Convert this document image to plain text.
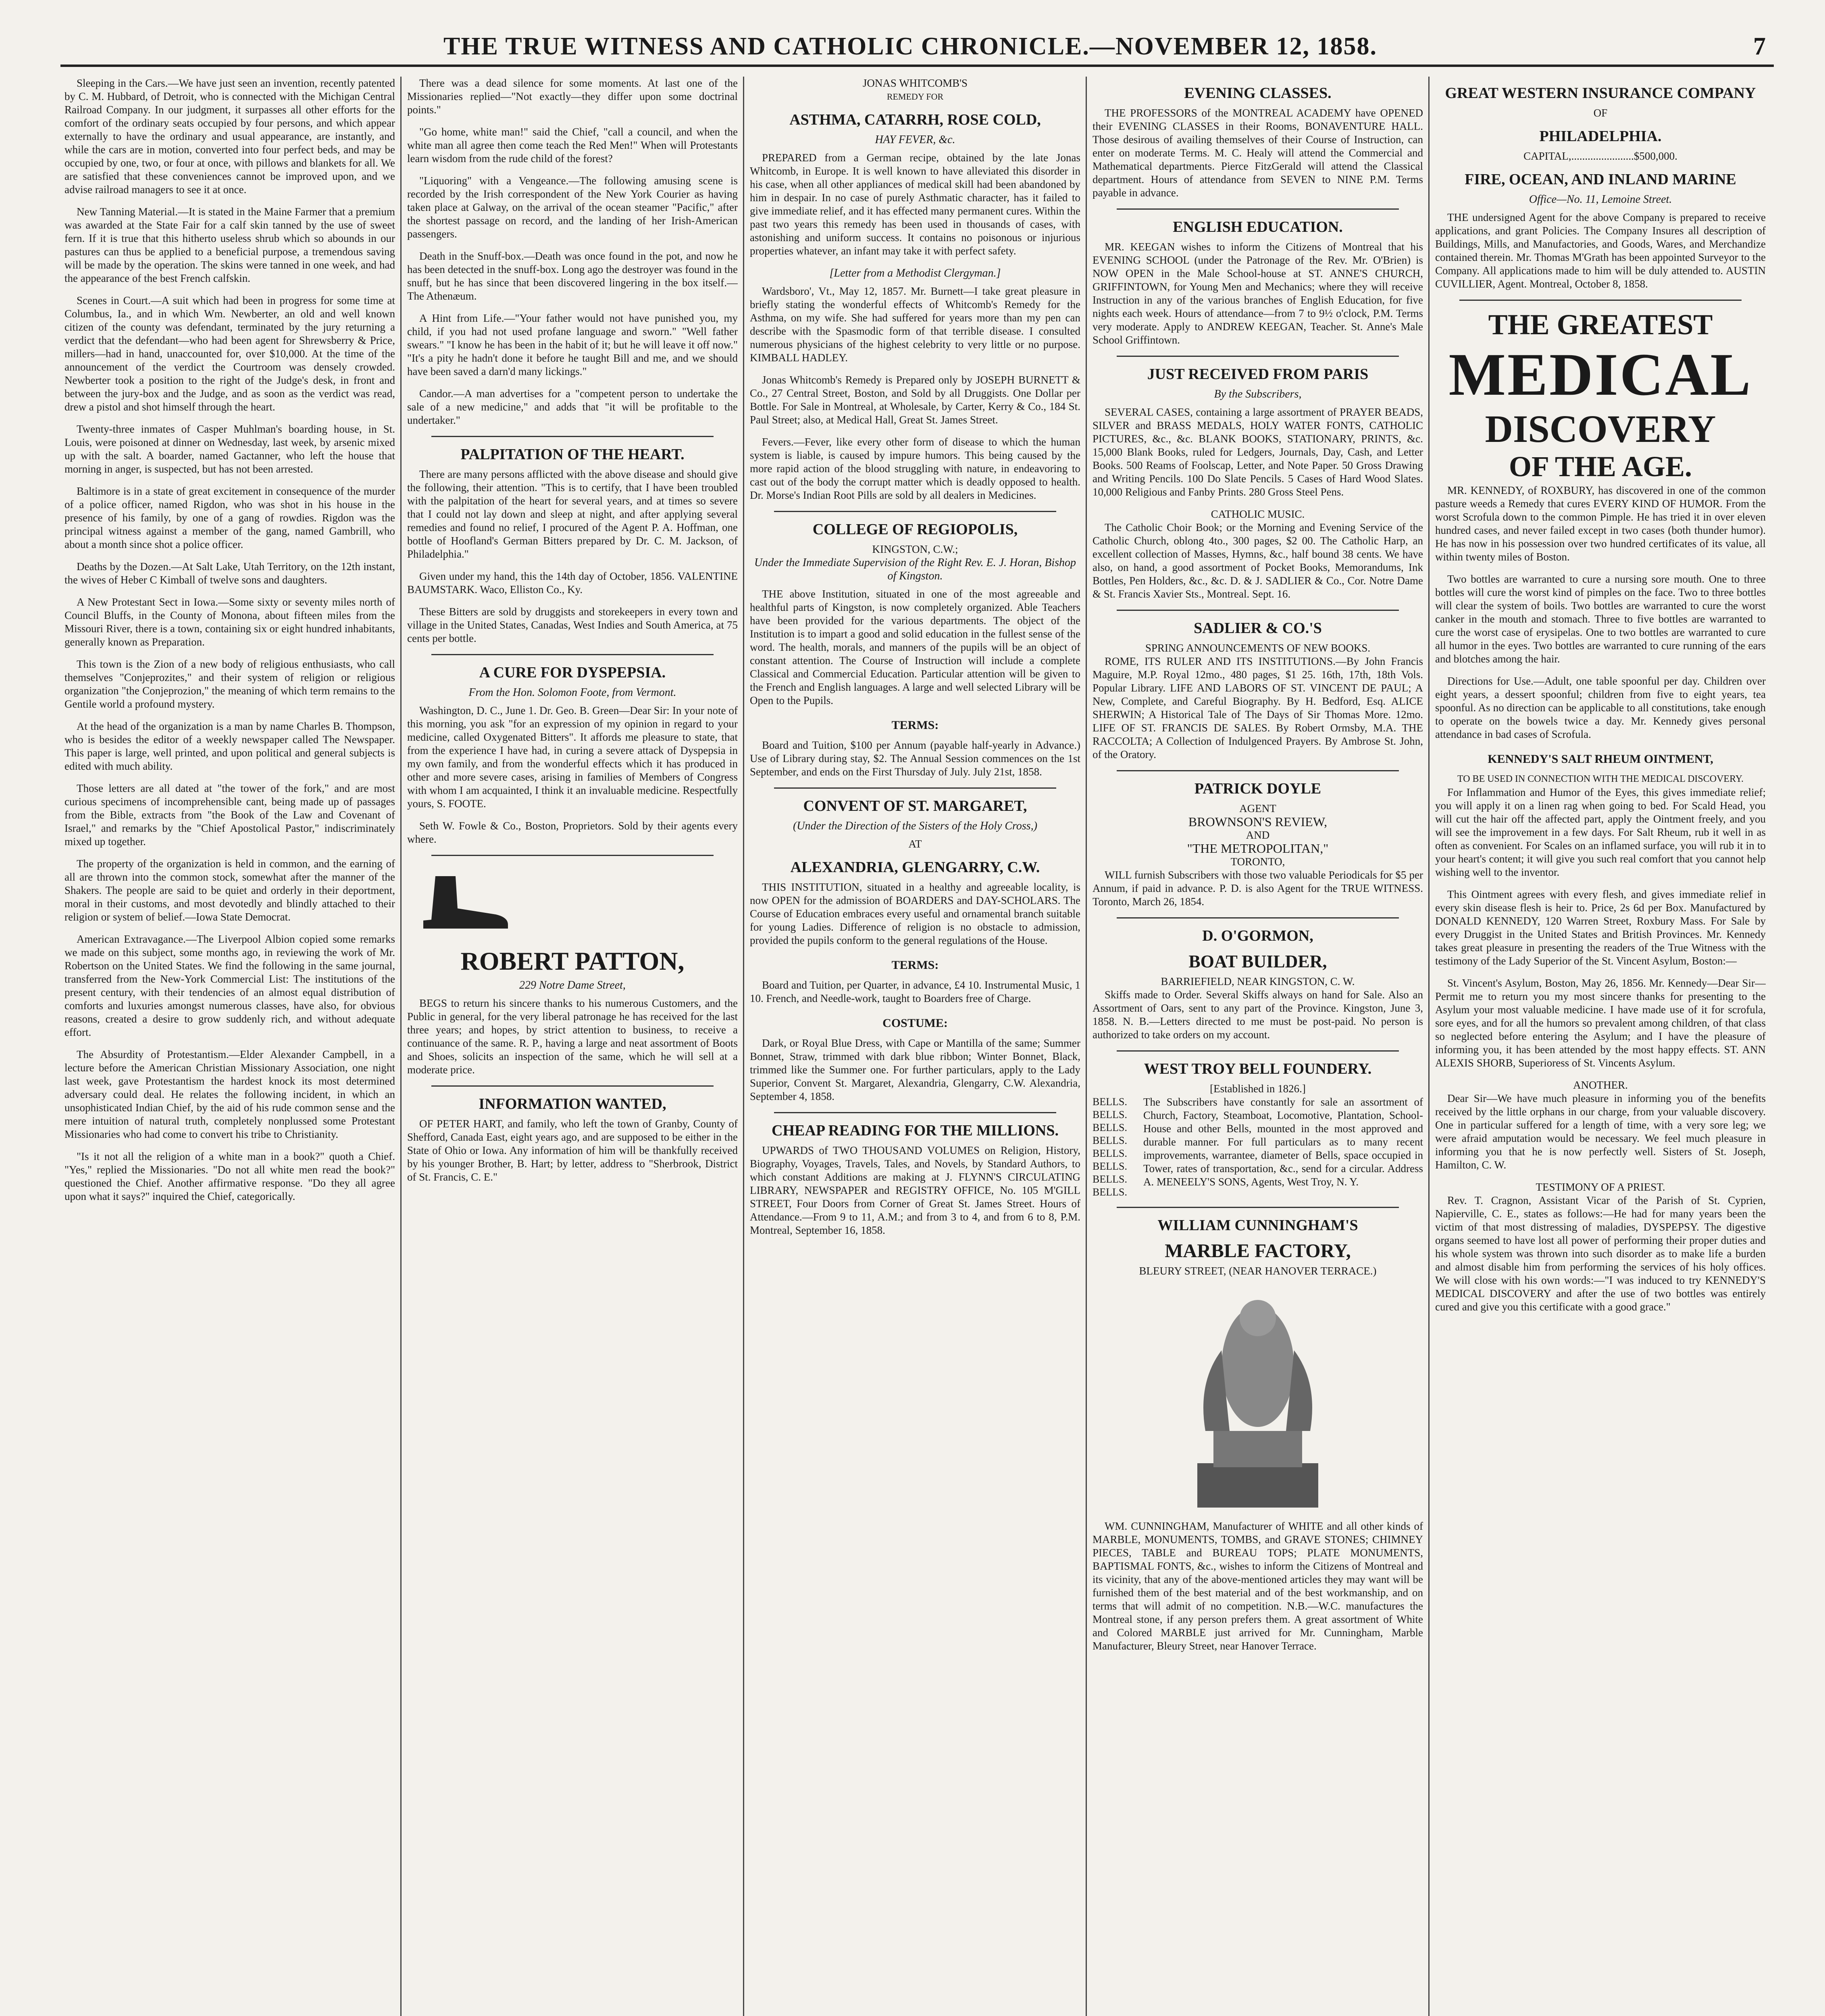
THE TRUE WITNESS AND CATHOLIC CHRONICLE.—NOVEMBER 12, 1858.	7

Sleeping in the Cars.—We have just seen an invention, recently patented by C. M. Hubbard, of Detroit, who is connected with the Michigan Central Railroad Company. In our judgment, it surpasses all other efforts for the comfort of the ordinary seats occupied by four persons, and which appear externally to have the ordinary and usual appearance, are instantly, and while the cars are in motion, converted into four perfect beds, and may be occupied by one, two, or four at once, with pillows and blankets for all. We are satisfied that these conveniences cannot be improved upon, and we advise railroad managers to see it at once.

New Tanning Material.—It is stated in the Maine Farmer that a premium was awarded at the State Fair for a calf skin tanned by the use of sweet fern. If it is true that this hitherto useless shrub which so abounds in our pastures can thus be applied to a beneficial purpose, a tremendous saving will be made by the operation. The skins were tanned in one week, and had the appearance of the best French calfskin.

Scenes in Court.—A suit which had been in progress for some time at Columbus, Ia., and in which Wm. Newberter, an old and well known citizen of the county was defendant, terminated by the jury returning a verdict that the defendant—who had been agent for Shrewsberry & Price, millers—had in hand, unaccounted for, over $10,000. At the time of the announcement of the verdict the Courtroom was densely crowded. Newberter took a position to the right of the Judge's desk, in front and between the jury-box and the Judge, and as soon as the verdict was read, drew a pistol and shot himself through the heart.

Twenty-three inmates of Casper Muhlman's boarding house, in St. Louis, were poisoned at dinner on Wednesday, last week, by arsenic mixed up with the salt. A boarder, named Gactanner, who left the house that morning in anger, is suspected, but has not been arrested.

Baltimore is in a state of great excitement in consequence of the murder of a police officer, named Rigdon, who was shot in his house in the presence of his family, by one of a gang of rowdies. Rigdon was the principal witness against a member of the gang, named Gambrill, who about a month since shot a police officer.

Deaths by the Dozen.—At Salt Lake, Utah Territory, on the 12th instant, the wives of Heber C Kimball of twelve sons and daughters.

A New Protestant Sect in Iowa.—Some sixty or seventy miles north of Council Bluffs, in the County of Monona, about fifteen miles from the Missouri River, there is a town, containing six or eight hundred inhabitants, generally known as Preparation.

This town is the Zion of a new body of religious enthusiasts, who call themselves "Conjeprozites," and their system of religion or religious organization "the Conjeprozion," the meaning of which term remains to the Gentile world a profound mystery.

At the head of the organization is a man by name Charles B. Thompson, who is besides the editor of a weekly newspaper called The Newspaper. This paper is large, well printed, and upon political and general subjects is edited with much ability.

Those letters are all dated at "the tower of the fork," and are most curious specimens of incomprehensible cant, being made up of passages from the Bible, extracts from "the Book of the Law and Covenant of Israel," and remarks by the "Chief Apostolical Pastor," indiscriminately mixed up together.

The property of the organization is held in common, and the earning of all are thrown into the common stock, somewhat after the manner of the Shakers. The people are said to be quiet and orderly in their deportment, moral in their customs, and most devotedly and blindly attached to their religion or system of belief.—Iowa State Democrat.

American Extravagance.—The Liverpool Albion copied some remarks we made on this subject, some months ago, in reviewing the work of Mr. Robertson on the United States. We find the following in the same journal, transferred from the New-York Commercial List: The institutions of the present century, with their tendencies of an almost equal distribution of comforts and luxuries amongst numerous classes, have also, for obvious reasons, created a desire to grow suddenly rich, and without adequate effort.

The Absurdity of Protestantism.—Elder Alexander Campbell, in a lecture before the American Christian Missionary Association, one night last week, gave Protestantism the hardest knock its most determined adversary could deal. He relates the following incident, in which an unsophisticated Indian Chief, by the aid of his rude common sense and the mere intuition of natural truth, completely nonplussed some Protestant Missionaries who had come to convert his tribe to Christianity.

"Is it not all the religion of a white man in a book?" quoth a Chief. "Yes," replied the Missionaries. "Do not all white men read the book?" questioned the Chief. Another affirmative response. "Do they all agree upon what it says?" inquired the Chief, categorically.

There was a dead silence for some moments. At last one of the Missionaries replied—"Not exactly—they differ upon some doctrinal points."

"Go home, white man!" said the Chief, "call a council, and when the white man all agree then come teach the Red Men!" When will Protestants learn wisdom from the rude child of the forest?

"Liquoring" with a Vengeance.—The following amusing scene is recorded by the Irish correspondent of the New York Courier as having taken place at Galway, on the arrival of the ocean steamer "Pacific," after the shortest passage on record, and the landing of her Irish-American passengers.

Death in the Snuff-box.—Death was once found in the pot, and now he has been detected in the snuff-box. Long ago the destroyer was found in the snuff, but he has since that been discovered lingering in the box itself.—The Athenæum.

A Hint from Life.—"Your father would not have punished you, my child, if you had not used profane language and sworn." "Well father swears." "I know he has been in the habit of it; but he will leave it off now." "It's a pity he hadn't done it before he taught Bill and me, and we should have been saved a darn'd many lickings."

Candor.—A man advertises for a "competent person to undertake the sale of a new medicine," and adds that "it will be profitable to the undertaker."

PALPITATION OF THE HEART.

There are many persons afflicted with the above disease and should give the following, their attention. "This is to certify, that I have been troubled with the palpitation of the heart for several years, and at times so severe that I could not lay down and sleep at night, and after applying several remedies and found no relief, I procured of the Agent P. A. Hoffman, one bottle of Hoofland's German Bitters prepared by Dr. C. M. Jackson, of Philadelphia."

Given under my hand, this the 14th day of October, 1856. VALENTINE BAUMSTARK. Waco, Elliston Co., Ky.

These Bitters are sold by druggists and storekeepers in every town and village in the United States, Canadas, West Indies and South America, at 75 cents per bottle.

A CURE FOR DYSPEPSIA.
From the Hon. Solomon Foote, from Vermont.

Washington, D. C., June 1. Dr. Geo. B. Green—Dear Sir: In your note of this morning, you ask "for an expression of my opinion in regard to your medicine, called Oxygenated Bitters". It affords me pleasure to state, that from the experience I have had, in curing a severe attack of Dyspepsia in my own family, and from the wonderful effects which it has produced in other and more severe cases, arising in families of Members of Congress with whom I am acquainted, I think it an invaluable medicine. Respectfully yours, S. FOOTE.

Seth W. Fowle & Co., Boston, Proprietors. Sold by their agents every where.

ROBERT PATTON,
229 Notre Dame Street,

BEGS to return his sincere thanks to his numerous Customers, and the Public in general, for the very liberal patronage he has received for the last three years; and hopes, by strict attention to business, to receive a continuance of the same. R. P., having a large and neat assortment of Boots and Shoes, solicits an inspection of the same, which he will sell at a moderate price.

INFORMATION WANTED,

OF PETER HART, and family, who left the town of Granby, County of Shefford, Canada East, eight years ago, and are supposed to be either in the State of Ohio or Iowa. Any information of him will be thankfully received by his younger Brother, B. Hart; by letter, address to "Sherbrook, District of St. Francis, C. E."

JONAS WHITCOMB'S
REMEDY FOR
ASTHMA, CATARRH, ROSE COLD,
HAY FEVER, &c.

PREPARED from a German recipe, obtained by the late Jonas Whitcomb, in Europe. It is well known to have alleviated this disorder in his case, when all other appliances of medical skill had been abandoned by him in despair. In no case of purely Asthmatic character, has it failed to give immediate relief, and it has effected many permanent cures. Within the past two years this remedy has been used in thousands of cases, with astonishing and uniform success. It contains no poisonous or injurious properties whatever, an infant may take it with perfect safety.

[Letter from a Methodist Clergyman.]

Wardsboro', Vt., May 12, 1857. Mr. Burnett—I take great pleasure in briefly stating the wonderful effects of Whitcomb's Remedy for the Asthma, on my wife. She had suffered for years more than my pen can describe with the Spasmodic form of that terrible disease. I consulted numerous physicians of the highest celebrity to very little or no purpose. KIMBALL HADLEY.

Jonas Whitcomb's Remedy is Prepared only by JOSEPH BURNETT & Co., 27 Central Street, Boston, and Sold by all Druggists. One Dollar per Bottle. For Sale in Montreal, at Wholesale, by Carter, Kerry & Co., 184 St. Paul Street; also, at Medical Hall, Great St. James Street.

Fevers.—Fever, like every other form of disease to which the human system is liable, is caused by impure humors. This being caused by the more rapid action of the blood struggling with nature, in endeavoring to cast out of the body the corrupt matter which is deadly opposed to health. Dr. Morse's Indian Root Pills are sold by all dealers in Medicines.

COLLEGE OF REGIOPOLIS,
KINGSTON, C.W.;
Under the Immediate Supervision of the Right Rev. E. J. Horan, Bishop of Kingston.

THE above Institution, situated in one of the most agreeable and healthful parts of Kingston, is now completely organized. Able Teachers have been provided for the various departments. The object of the Institution is to impart a good and solid education in the fullest sense of the word. The health, morals, and manners of the pupils will be an object of constant attention. The Course of Instruction will include a complete Classical and Commercial Education. Particular attention will be given to the French and English languages. A large and well selected Library will be Open to the Pupils.

TERMS:

Board and Tuition, $100 per Annum (payable half-yearly in Advance.) Use of Library during stay, $2. The Annual Session commences on the 1st September, and ends on the First Thursday of July. July 21st, 1858.

CONVENT OF ST. MARGARET,
(Under the Direction of the Sisters of the Holy Cross,)
AT
ALEXANDRIA, GLENGARRY, C.W.

THIS INSTITUTION, situated in a healthy and agreeable locality, is now OPEN for the admission of BOARDERS and DAY-SCHOLARS. The Course of Education embraces every useful and ornamental branch suitable for young Ladies. Difference of religion is no obstacle to admission, provided the pupils conform to the general regulations of the House.

TERMS:

Board and Tuition, per Quarter, in advance, £4 10. Instrumental Music, 1 10. French, and Needle-work, taught to Boarders free of Charge.

COSTUME:

Dark, or Royal Blue Dress, with Cape or Mantilla of the same; Summer Bonnet, Straw, trimmed with dark blue ribbon; Winter Bonnet, Black, trimmed like the Summer one. For further particulars, apply to the Lady Superior, Convent St. Margaret, Alexandria, Glengarry, C.W. Alexandria, September 4, 1858.

CHEAP READING FOR THE MILLIONS.

UPWARDS of TWO THOUSAND VOLUMES on Religion, History, Biography, Voyages, Travels, Tales, and Novels, by Standard Authors, to which constant Additions are making at J. FLYNN'S CIRCULATING LIBRARY, NEWSPAPER and REGISTRY OFFICE, No. 105 M'GILL STREET, Four Doors from Corner of Great St. James Street. Hours of Attendance.—From 9 to 11, A.M.; and from 3 to 4, and from 6 to 8, P.M. Montreal, September 16, 1858.

EVENING CLASSES.

THE PROFESSORS of the MONTREAL ACADEMY have OPENED their EVENING CLASSES in their Rooms, BONAVENTURE HALL. Those desirous of availing themselves of their Course of Instruction, can enter on moderate Terms. M. C. Healy will attend the Commercial and Mathematical departments. Pierce FitzGerald will attend the Classical department. Hours of attendance from SEVEN to NINE P.M. Terms payable in advance.

ENGLISH EDUCATION.

MR. KEEGAN wishes to inform the Citizens of Montreal that his EVENING SCHOOL (under the Patronage of the Rev. Mr. O'Brien) is NOW OPEN in the Male School-house at ST. ANNE'S CHURCH, GRIFFINTOWN, for Young Men and Mechanics; where they will receive Instruction in any of the various branches of English Education, for five nights each week. Hours of attendance—from 7 to 9½ o'clock, P.M. Terms very moderate. Apply to ANDREW KEEGAN, Teacher. St. Anne's Male School Griffintown.

JUST RECEIVED FROM PARIS
By the Subscribers,

SEVERAL CASES, containing a large assortment of PRAYER BEADS, SILVER and BRASS MEDALS, HOLY WATER FONTS, CATHOLIC PICTURES, &c., &c. BLANK BOOKS, STATIONARY, PRINTS, &c. 15,000 Blank Books, ruled for Ledgers, Journals, Day, Cash, and Letter Books. 500 Reams of Foolscap, Letter, and Note Paper. 50 Gross Drawing and Writing Pencils. 100 Do Slate Pencils. 5 Cases of Hard Wood Slates. 10,000 Religious and Fanby Prints. 280 Gross Steel Pens.

CATHOLIC MUSIC.

The Catholic Choir Book; or the Morning and Evening Service of the Catholic Church, oblong 4to., 300 pages, $2 00. The Catholic Harp, an excellent collection of Masses, Hymns, &c., half bound 38 cents. We have also, on hand, a good assortment of Pocket Books, Memorandums, Ink Bottles, Pen Holders, &c., &c. D. & J. SADLIER & Co., Cor. Notre Dame & St. Francis Xavier Sts., Montreal. Sept. 16.

SADLIER & CO.'S
SPRING ANNOUNCEMENTS OF NEW BOOKS.

ROME, ITS RULER AND ITS INSTITUTIONS.—By John Francis Maguire, M.P. Royal 12mo., 480 pages, $1 25. 16th, 17th, 18th Vols. Popular Library. LIFE AND LABORS OF ST. VINCENT DE PAUL; A New, Complete, and Careful Biography. By H. Bedford, Esq. ALICE SHERWIN; A Historical Tale of The Days of Sir Thomas More. 12mo. LIFE OF ST. FRANCIS DE SALES. By Robert Ormsby, M.A. THE RACCOLTA; A Collection of Indulgenced Prayers. By Ambrose St. John, of the Oratory.

PATRICK DOYLE
AGENT
BROWNSON'S REVIEW,
AND
"THE METROPOLITAN,"
TORONTO,

WILL furnish Subscribers with those two valuable Periodicals for $5 per Annum, if paid in advance. P. D. is also Agent for the TRUE WITNESS. Toronto, March 26, 1854.

D. O'GORMON,
BOAT BUILDER,
BARRIEFIELD, NEAR KINGSTON, C. W.

Skiffs made to Order. Several Skiffs always on hand for Sale. Also an Assortment of Oars, sent to any part of the Province. Kingston, June 3, 1858. N. B.—Letters directed to me must be post-paid. No person is authorized to take orders on my account.

WEST TROY BELL FOUNDERY.
[Established in 1826.]
BELLS.
BELLS.
BELLS.
BELLS.
BELLS.
BELLS.
BELLS.
BELLS.

The Subscribers have constantly for sale an assortment of Church, Factory, Steamboat, Locomotive, Plantation, School-House and other Bells, mounted in the most approved and durable manner. For full particulars as to many recent improvements, warrantee, diameter of Bells, space occupied in Tower, rates of transportation, &c., send for a circular. Address A. MENEELY'S SONS, Agents, West Troy, N. Y.

WILLIAM CUNNINGHAM'S
MARBLE FACTORY,
BLEURY STREET, (NEAR HANOVER TERRACE.)

WM. CUNNINGHAM, Manufacturer of WHITE and all other kinds of MARBLE, MONUMENTS, TOMBS, and GRAVE STONES; CHIMNEY PIECES, TABLE and BUREAU TOPS; PLATE MONUMENTS, BAPTISMAL FONTS, &c., wishes to inform the Citizens of Montreal and its vicinity, that any of the above-mentioned articles they may want will be furnished them of the best material and of the best workmanship, and on terms that will admit of no competition. N.B.—W.C. manufactures the Montreal stone, if any person prefers them. A great assortment of White and Colored MARBLE just arrived for Mr. Cunningham, Marble Manufacturer, Bleury Street, near Hanover Terrace.

GREAT WESTERN INSURANCE COMPANY
OF
PHILADELPHIA.
CAPITAL,.......................$500,000.
FIRE, OCEAN, AND INLAND MARINE
Office—No. 11, Lemoine Street.

THE undersigned Agent for the above Company is prepared to receive applications, and grant Policies. The Company Insures all description of Buildings, Mills, and Manufactories, and Goods, Wares, and Merchandize contained therein. Mr. Thomas M'Grath has been appointed Surveyor to the Company. All applications made to him will be duly attended to. AUSTIN CUVILLIER, Agent. Montreal, October 8, 1858.

THE GREATEST
MEDICAL
DISCOVERY
OF THE AGE.

MR. KENNEDY, of ROXBURY, has discovered in one of the common pasture weeds a Remedy that cures EVERY KIND OF HUMOR. From the worst Scrofula down to the common Pimple. He has tried it in over eleven hundred cases, and never failed except in two cases (both thunder humor). He has now in his possession over two hundred certificates of its value, all within twenty miles of Boston.

Two bottles are warranted to cure a nursing sore mouth. One to three bottles will cure the worst kind of pimples on the face. Two to three bottles will clear the system of boils. Two bottles are warranted to cure the worst canker in the mouth and stomach. Three to five bottles are warranted to cure the worst case of erysipelas. One to two bottles are warranted to cure all humor in the eyes. Two bottles are warranted to cure running of the ears and blotches among the hair.

Directions for Use.—Adult, one table spoonful per day. Children over eight years, a dessert spoonful; children from five to eight years, tea spoonful. As no direction can be applicable to all constitutions, take enough to operate on the bowels twice a day. Mr. Kennedy gives personal attendance in bad cases of Scrofula.

KENNEDY'S SALT RHEUM OINTMENT,
TO BE USED IN CONNECTION WITH THE MEDICAL DISCOVERY.

For Inflammation and Humor of the Eyes, this gives immediate relief; you will apply it on a linen rag when going to bed. For Scald Head, you will cut the hair off the affected part, apply the Ointment freely, and you will see the improvement in a few days. For Salt Rheum, rub it well in as often as convenient. For Scales on an inflamed surface, you will rub it in to your heart's content; it will give you such real comfort that you cannot help wishing well to the inventor.

This Ointment agrees with every flesh, and gives immediate relief in every skin disease flesh is heir to. Price, 2s 6d per Box. Manufactured by DONALD KENNEDY, 120 Warren Street, Roxbury Mass. For Sale by every Druggist in the United States and British Provinces. Mr. Kennedy takes great pleasure in presenting the readers of the True Witness with the testimony of the Lady Superior of the St. Vincent Asylum, Boston:—

St. Vincent's Asylum, Boston, May 26, 1856. Mr. Kennedy—Dear Sir—Permit me to return you my most sincere thanks for presenting to the Asylum your most valuable medicine. I have made use of it for scrofula, sore eyes, and for all the humors so prevalent among children, of that class so neglected before entering the Asylum; and I have the pleasure of informing you, it has been attended by the most happy effects. ST. ANN ALEXIS SHORB, Superioress of St. Vincents Asylum.

ANOTHER.

Dear Sir—We have much pleasure in informing you of the benefits received by the little orphans in our charge, from your valuable discovery. One in particular suffered for a length of time, with a very sore leg; we were afraid amputation would be necessary. We feel much pleasure in informing you that he is now perfectly well. Sisters of St. Joseph, Hamilton, C. W.

TESTIMONY OF A PRIEST.

Rev. T. Cragnon, Assistant Vicar of the Parish of St. Cyprien, Napierville, C. E., states as follows:—He had for many years been the victim of that most distressing of maladies, DYSPEPSY. The digestive organs seemed to have lost all power of performing their proper duties and his whole system was thrown into such disorder as to make life a burden and almost disable him from performing the services of his holy offices. We will close with his own words:—"I was induced to try KENNEDY'S MEDICAL DISCOVERY and after the use of two bottles was entirely cured and give you this certificate with a good grace."
